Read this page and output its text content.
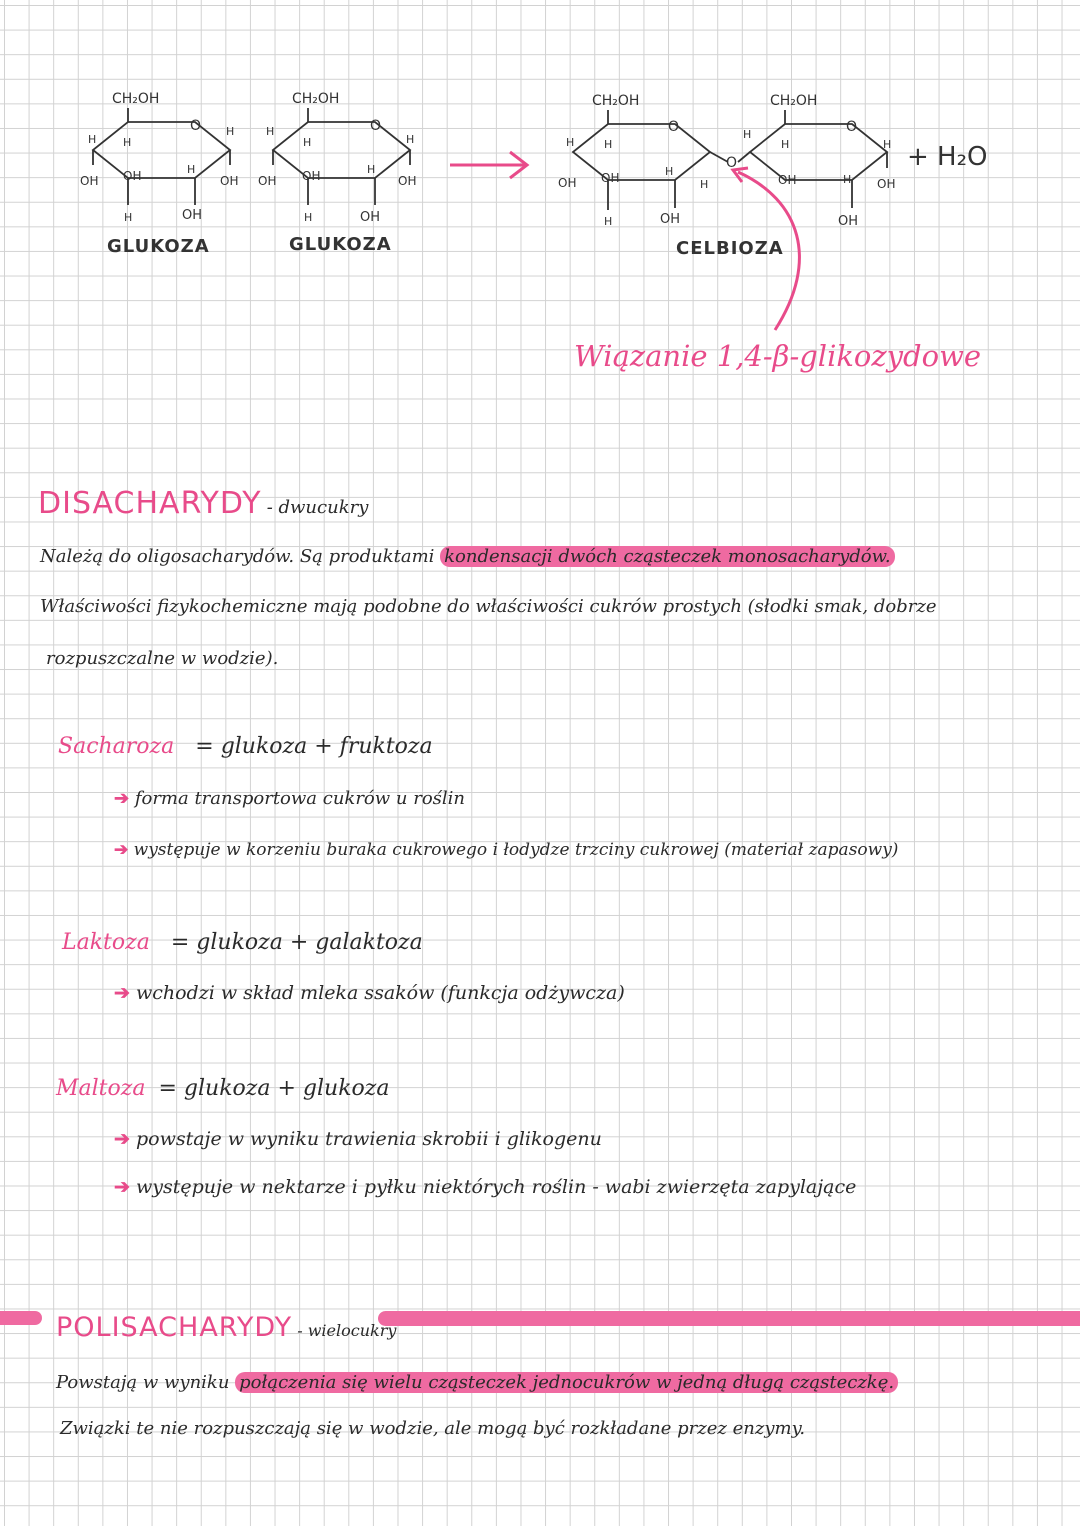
CH₂OH
H
O
H
H
OH OH	H
OH
H	OH
CH₂OH
H
O
H
H
OH OH	H
OH
H	OH
CH₂OH	CH₂OH
O
H	H
O	O
OH OH	H
H
H	OH
H
H
OH	H
H
OH
OH
+ H₂O
GLUKOZA	GLUKOZA	CELBIOZA
Wiązanie 1,4-β-glikozydowe
DISACHARYDY - dwucukry
Należą do oligosacharydów. Są produktami kondensacji dwóch cząsteczek monosacharydów.
Właściwości fizykochemiczne mają podobne do właściwości cukrów prostych (słodki smak, dobrze
rozpuszczalne w wodzie).
Sacharoza = glukoza + fruktoza
➔ forma transportowa cukrów u roślin
➔ występuje w korzeniu buraka cukrowego i łodydze trzciny cukrowej (materiał zapasowy)
Laktoza = glukoza + galaktoza
➔ wchodzi w skład mleka ssaków (funkcja odżywcza)
Maltoza = glukoza + glukoza
➔ powstaje w wyniku trawienia skrobii i glikogenu
➔ występuje w nektarze i pyłku niektórych roślin - wabi zwierzęta zapylające
POLISACHARYDY - wielocukry
Powstają w wyniku połączenia się wielu cząsteczek jednocukrów w jedną długą cząsteczkę.
Związki te nie rozpuszczają się w wodzie, ale mogą być rozkładane przez enzymy.
